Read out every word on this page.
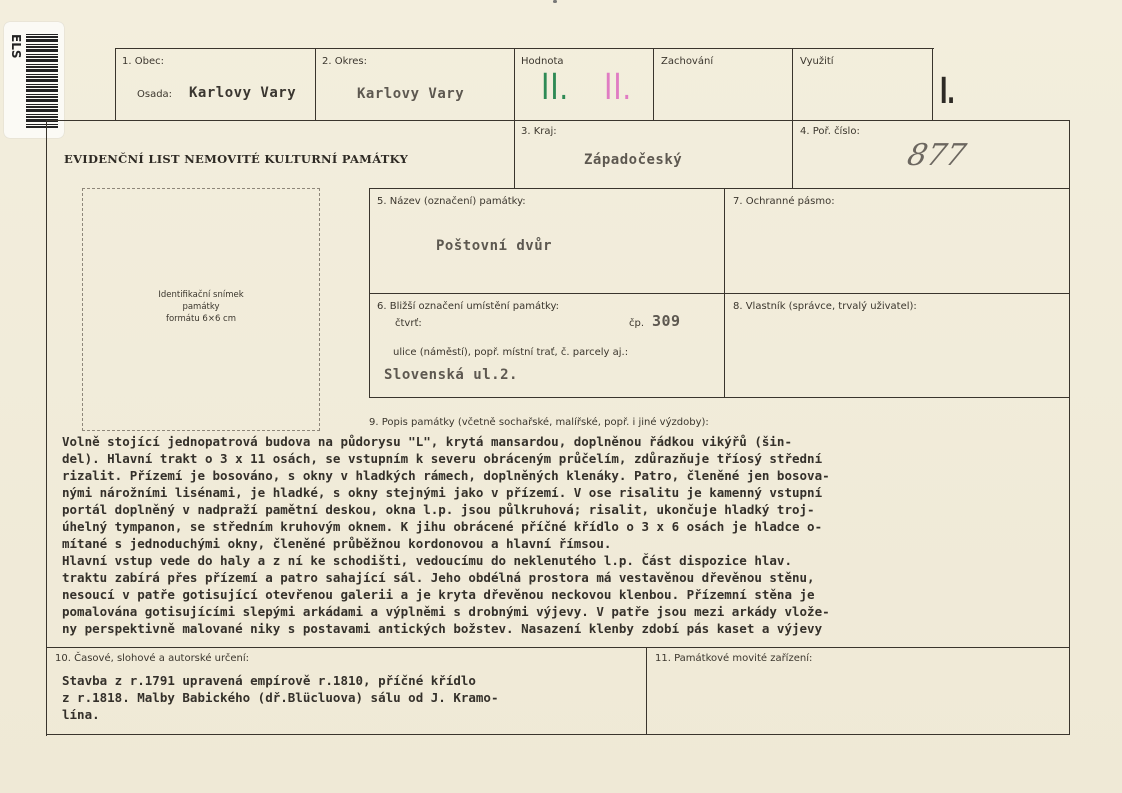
ELS
1. Obec:
Osada: Karlovy Vary
2. Okres:
Karlovy Vary
Hodnota
II. II.
Zachování	Využití
I.
EVIDENČNÍ LIST NEMOVITÉ KULTURNÍ PAMÁTKY
3. Kraj:
Západočeský
4. Poř. číslo:
877
Identifikační snímek
památky
formátu 6×6 cm
5. Název (označení) památky:
Poštovní dvůr
7. Ochranné pásmo:
6. Bližší označení umístění památky:
čtvrť:	čp. 309
ulice (náměstí), popř. místní trať, č. parcely aj.:
Slovenská ul.2.
8. Vlastník (správce, trvalý uživatel):
9. Popis památky (včetně sochařské, malířské, popř. i jiné výzdoby):
Volně stojící jednopatrová budova na půdorysu "L", krytá mansardou, doplněnou řádkou vikýřů (šin-
del). Hlavní trakt o 3 x 11 osách, se vstupním k severu obráceným průčelím, zdůrazňuje tříosý střední
rizalit. Přízemí je bosováno, s okny v hladkých rámech, doplněných klenáky. Patro, členěné jen bosova-
nými nárožními lisénami, je hladké, s okny stejnými jako v přízemí. V ose risalitu je kamenný vstupní
portál doplněný v nadpraží pamětní deskou, okna l.p. jsou půlkruhová; risalit, ukončuje hladký troj-
úhelný tympanon, se středním kruhovým oknem. K jihu obrácené příčné křídlo o 3 x 6 osách je hladce o-
mítané s jednoduchými okny, členěné průběžnou kordonovou a hlavní římsou.
Hlavní vstup vede do haly a z ní ke schodišti, vedoucímu do neklenutého l.p. Část dispozice hlav.
traktu zabírá přes přízemí a patro sahající sál. Jeho obdélná prostora má vestavěnou dřevěnou stěnu,
nesoucí v patře gotisující otevřenou galerii a je kryta dřevěnou neckovou klenbou. Přízemní stěna je
pomalována gotisujícími slepými arkádami a výplněmi s drobnými výjevy. V patře jsou mezi arkády vlože-
ny perspektivně malované niky s postavami antických božstev. Nasazení klenby zdobí pás kaset a výjevy
10. Časové, slohové a autorské určení:
Stavba z r.1791 upravená empírově r.1810, příčné křídlo
z r.1818. Malby Babického (dř.Blücluova) sálu od J. Kramo-
lína.
11. Památkové movité zařízení:
